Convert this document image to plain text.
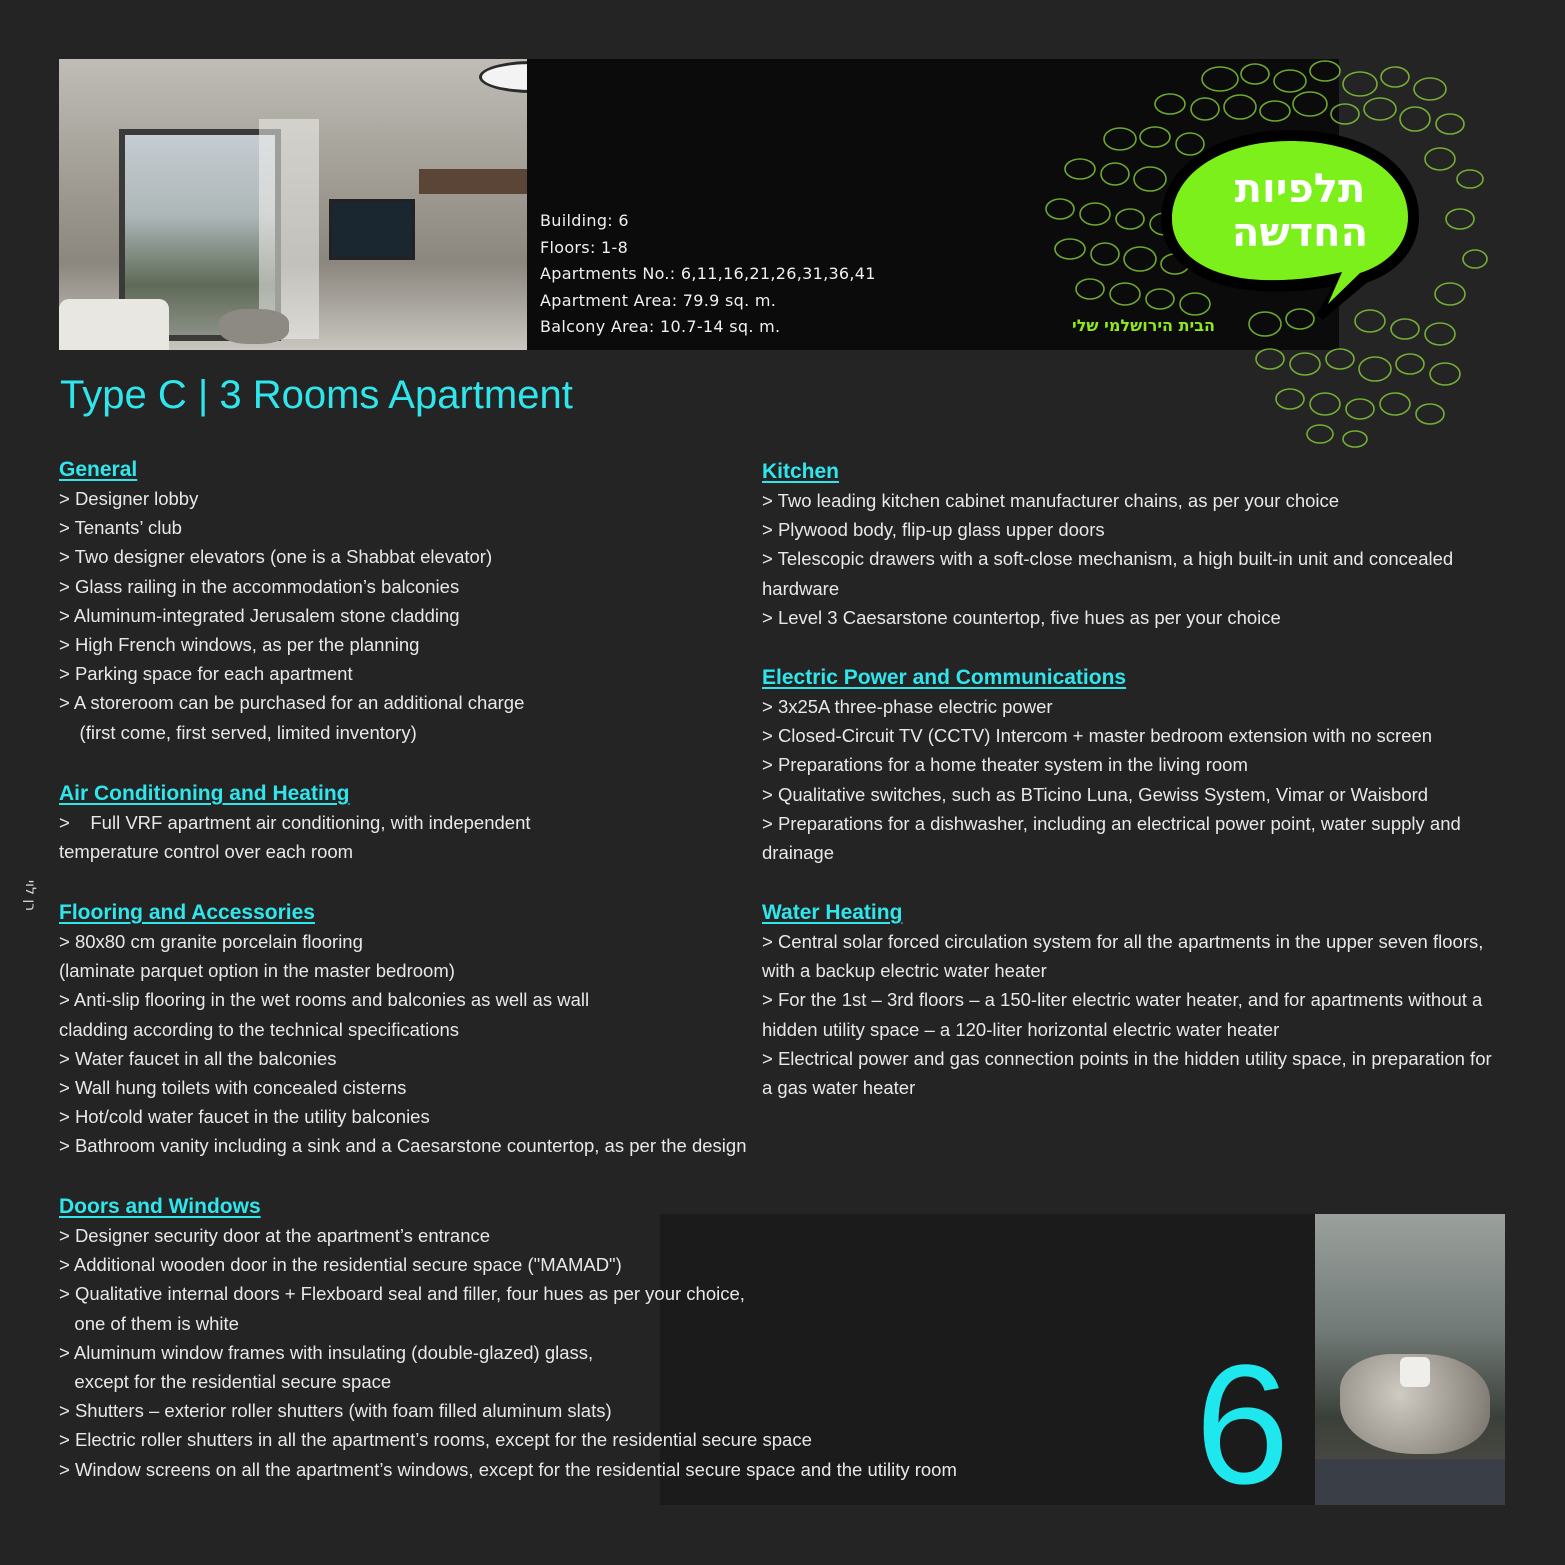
Building: 6
Floors: 1-8
Apartments No.: 6,11,16,21,26,31,36,41
Apartment Area: 79.9 sq. m.
Balcony Area: 10.7-14 sq. m.
תלפיות
החדשה
הבית הירושלמי שלי
Type C | 3 Rooms Apartment
רן לוי
General
> Designer lobby
> Tenants’ club
> Two designer elevators (one is a Shabbat elevator)
> Glass railing in the accommodation’s balconies
> Aluminum-integrated Jerusalem stone cladding
> High French windows, as per the planning
> Parking space for each apartment
> A storeroom can be purchased for an additional charge
(first come, first served, limited inventory)
Air Conditioning and Heating
>    Full VRF apartment air conditioning, with independent
temperature control over each room
Flooring and Accessories
> 80x80 cm granite porcelain flooring
(laminate parquet option in the master bedroom)
> Anti-slip flooring in the wet rooms and balconies as well as wall
cladding according to the technical specifications
> Water faucet in all the balconies
> Wall hung toilets with concealed cisterns
> Hot/cold water faucet in the utility balconies
> Bathroom vanity including a sink and a Caesarstone countertop, as per the design
Doors and Windows
> Designer security door at the apartment’s entrance
> Additional wooden door in the residential secure space ("MAMAD")
> Qualitative internal doors + Flexboard seal and filler, four hues as per your choice,
one of them is white
> Aluminum window frames with insulating (double-glazed) glass,
except for the residential secure space
> Shutters – exterior roller shutters (with foam filled aluminum slats)
> Electric roller shutters in all the apartment’s rooms, except for the residential secure space
> Window screens on all the apartment’s windows, except for the residential secure space and the utility room
Kitchen
> Two leading kitchen cabinet manufacturer chains, as per your choice
> Plywood body, flip-up glass upper doors
> Telescopic drawers with a soft-close mechanism, a high built-in unit and concealed
hardware
> Level 3 Caesarstone countertop, five hues as per your choice
Electric Power and Communications
> 3x25A three-phase electric power
> Closed-Circuit TV (CCTV) Intercom + master bedroom extension with no screen
> Preparations for a home theater system in the living room
> Qualitative switches, such as BTicino Luna, Gewiss System, Vimar or Waisbord
> Preparations for a dishwasher, including an electrical power point, water supply and
drainage
Water Heating
> Central solar forced circulation system for all the apartments in the upper seven floors,
with a backup electric water heater
> For the 1st – 3rd floors – a 150-liter electric water heater, and for apartments without a
hidden utility space – a 120-liter horizontal electric water heater
> Electrical power and gas connection points in the hidden utility space, in preparation for
a gas water heater
6
